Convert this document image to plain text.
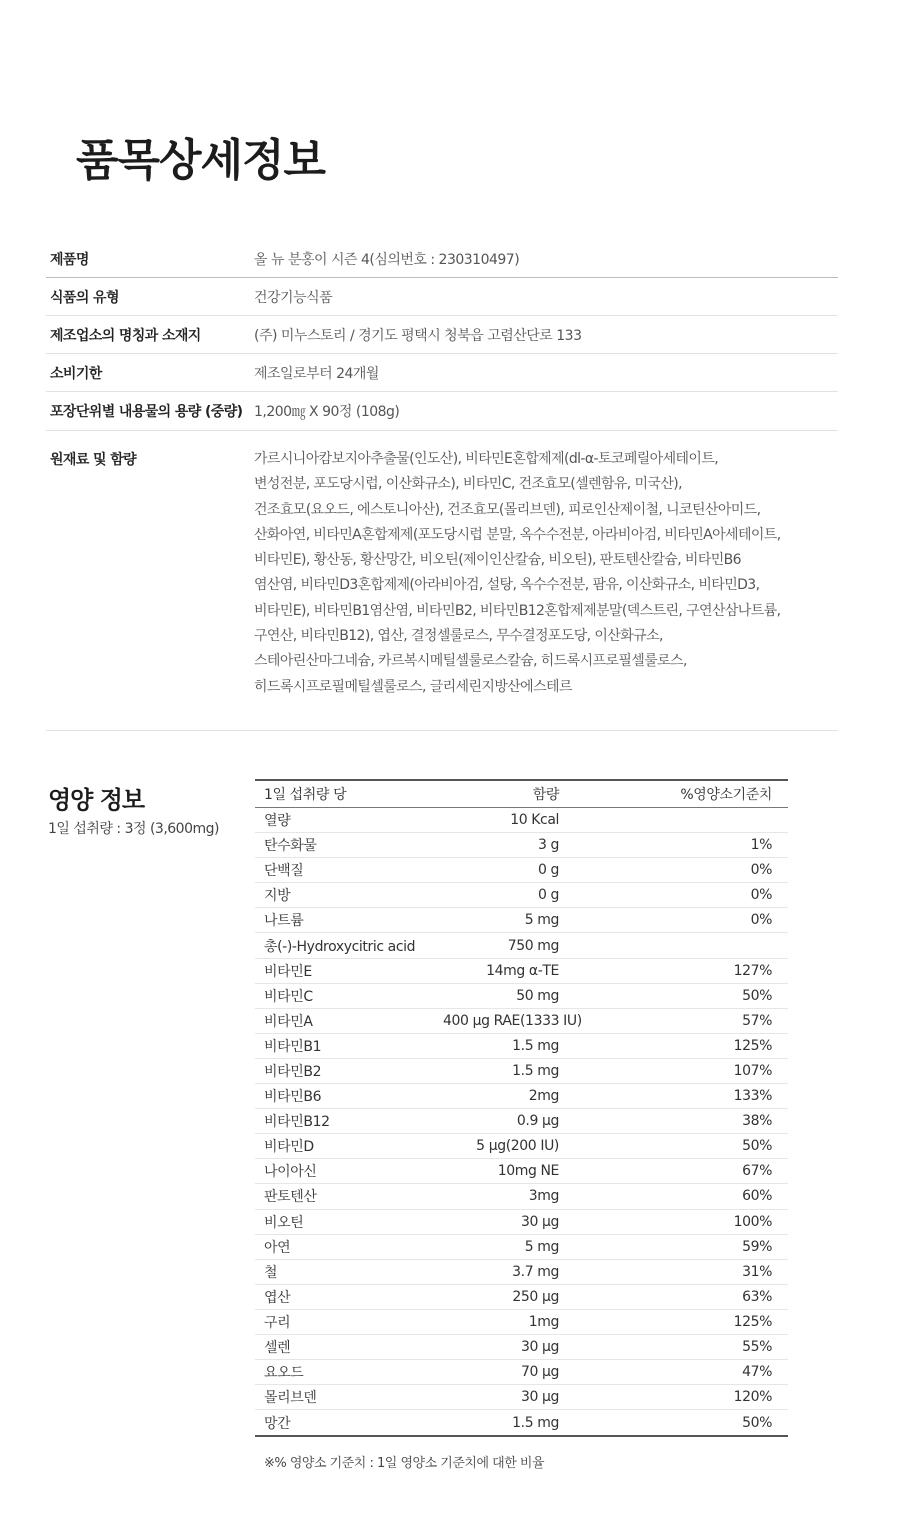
품목상세정보
제품명	올 뉴 분홍이 시즌 4(심의번호 : 230310497)
식품의 유형	건강기능식품
제조업소의 명칭과 소재지	(주) 미누스토리 / 경기도 평택시 청북읍 고렴산단로 133
소비기한	제조일로부터 24개월
포장단위별 내용물의 용량 (중량) 1,200㎎ X 90정 (108g)
원재료 및 함량	가르시니아캄보지아추출물(인도산), 비타민E혼합제제(dl-α-토코페릴아세테이트,
변성전분, 포도당시럽, 이산화규소), 비타민C, 건조효모(셀렌함유, 미국산),
건조효모(요오드, 에스토니아산), 건조효모(몰리브덴), 피로인산제이철, 니코틴산아미드,
산화아연, 비타민A혼합제제(포도당시럽 분말, 옥수수전분, 아라비아검, 비타민A아세테이트,
비타민E), 황산동, 황산망간, 비오틴(제이인산칼슘, 비오틴), 판토텐산칼슘, 비타민B6
염산염, 비타민D3혼합제제(아라비아검, 설탕, 옥수수전분, 팜유, 이산화규소, 비타민D3,
비타민E), 비타민B1염산염, 비타민B2, 비타민B12혼합제제분말(덱스트린, 구연산삼나트륨,
구연산, 비타민B12), 엽산, 결정셀룰로스, 무수결정포도당, 이산화규소,
스테아린산마그네슘, 카르복시메틸셀룰로스칼슘, 히드록시프로필셀룰로스,
히드록시프로필메틸셀룰로스, 글리세린지방산에스테르
영양 정보
1일 섭취량 : 3정 (3,600mg)
1일 섭취량 당	함량	%영양소기준치
열량	10 Kcal
탄수화물	3 g	1%
단백질	0 g	0%
지방	0 g	0%
나트륨	5 mg	0%
총(-)-Hydroxycitric acid	750 mg
비타민E	14mg α-TE	127%
비타민C	50 mg	50%
비타민A	400 μg RAE(1333 IU)	57%
비타민B1	1.5 mg	125%
비타민B2	1.5 mg	107%
비타민B6	2mg	133%
비타민B12	0.9 μg	38%
비타민D	5 μg(200 IU)	50%
나이아신	10mg NE	67%
판토텐산	3mg	60%
비오틴	30 μg	100%
아연	5 mg	59%
철	3.7 mg	31%
엽산	250 μg	63%
구리	1mg	125%
셀렌	30 μg	55%
요오드	70 μg	47%
몰리브덴	30 μg	120%
망간	1.5 mg	50%
※% 영양소 기준치 : 1일 영양소 기준치에 대한 비율
